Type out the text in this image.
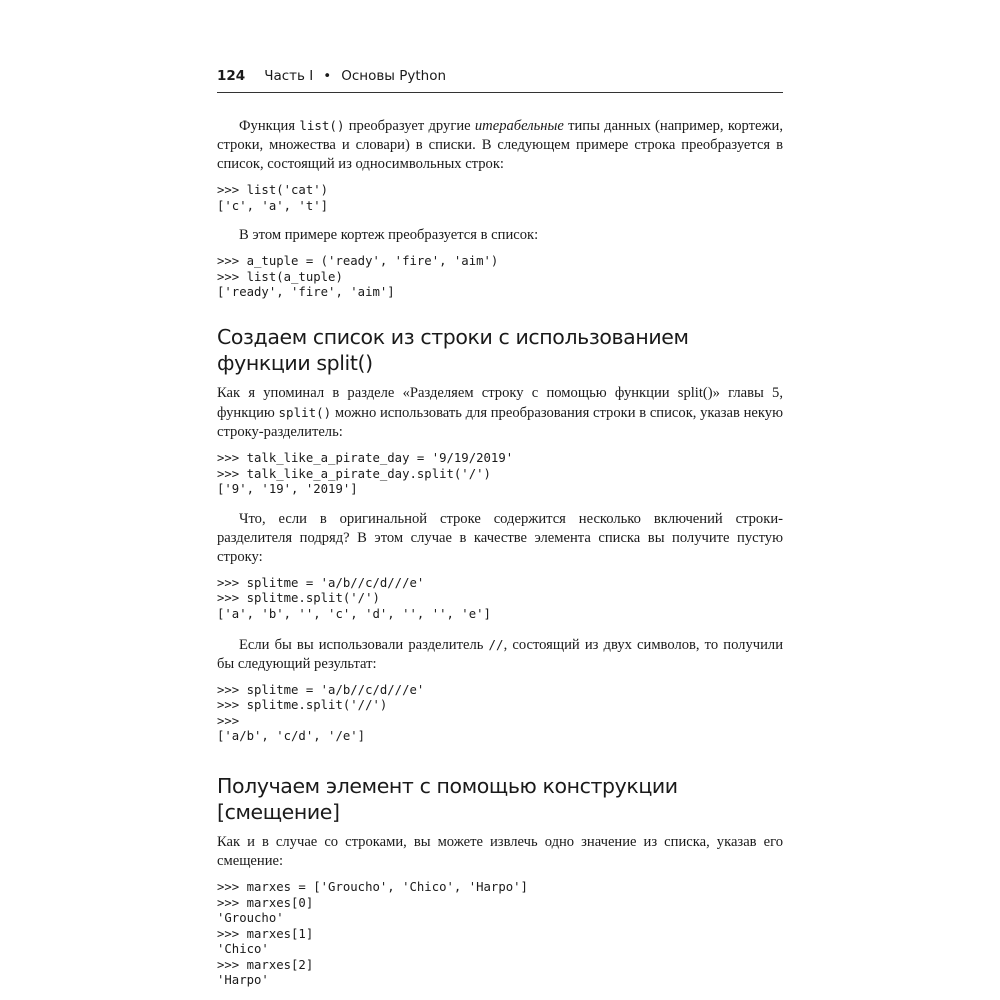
124 Часть I • Основы Python

Функция list() преобразует другие итерабельные типы данных (например, кортежи, строки, множества и словари) в списки. В следующем примере строка преобразуется в список, состоящий из односимвольных строк:

>>> list('cat')
['c', 'a', 't']

В этом примере кортеж преобразуется в список:

>>> a_tuple = ('ready', 'fire', 'aim')
>>> list(a_tuple)
['ready', 'fire', 'aim']
Создаем список из строки с использованием функции split()

Как я упоминал в разделе «Разделяем строку с помощью функции split()» главы 5, функцию split() можно использовать для преобразования строки в список, указав некую строку-разделитель:

>>> talk_like_a_pirate_day = '9/19/2019'
>>> talk_like_a_pirate_day.split('/')
['9', '19', '2019']

Что, если в оригинальной строке содержится несколько включений строки-разделителя подряд? В этом случае в качестве элемента списка вы получите пустую строку:

>>> splitme = 'a/b//c/d///e'
>>> splitme.split('/')
['a', 'b', '', 'c', 'd', '', '', 'e']

Если бы вы использовали разделитель //, состоящий из двух символов, то получили бы следующий результат:

>>> splitme = 'a/b//c/d///e'
>>> splitme.split('//')
>>>
['a/b', 'c/d', '/e']
Получаем элемент с помощью конструкции [смещение]

Как и в случае со строками, вы можете извлечь одно значение из списка, указав его смещение:

>>> marxes = ['Groucho', 'Chico', 'Harpo']
>>> marxes[0]
'Groucho'
>>> marxes[1]
'Chico'
>>> marxes[2]
'Harpo'
